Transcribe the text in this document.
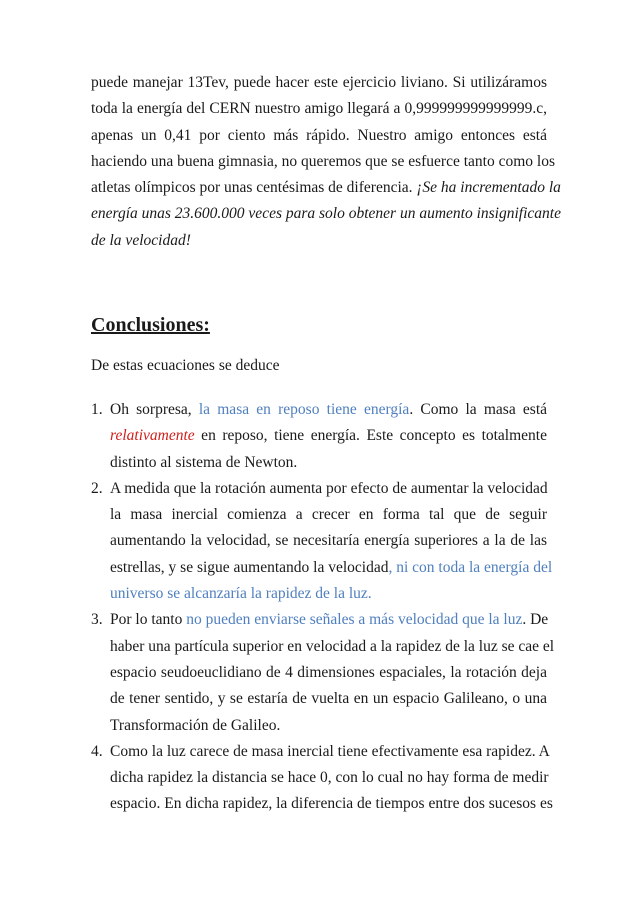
puede manejar 13Tev, puede hacer este ejercicio liviano. Si utilizáramos
toda la energía del CERN nuestro amigo llegará a 0,999999999999999.c,
apenas un 0,41 por ciento más rápido. Nuestro amigo entonces está
haciendo una buena gimnasia, no queremos que se esfuerce tanto como los
atletas olímpicos por unas centésimas de diferencia. ¡Se ha incrementado la
energía unas 23.600.000 veces para solo obtener un aumento insignificante
de la velocidad!
Conclusiones:
De estas ecuaciones se deduce
1. Oh sorpresa, la masa en reposo tiene energía. Como la masa está
relativamente en reposo, tiene energía. Este concepto es totalmente
distinto al sistema de Newton.
2. A medida que la rotación aumenta por efecto de aumentar la velocidad
la masa inercial comienza a crecer en forma tal que de seguir
aumentando la velocidad, se necesitaría energía superiores a la de las
estrellas, y se sigue aumentando la velocidad, ni con toda la energía del
universo se alcanzaría la rapidez de la luz.
3. Por lo tanto no pueden enviarse señales a más velocidad que la luz. De
haber una partícula superior en velocidad a la rapidez de la luz se cae el
espacio seudoeuclidiano de 4 dimensiones espaciales, la rotación deja
de tener sentido, y se estaría de vuelta en un espacio Galileano, o una
Transformación de Galileo.
4. Como la luz carece de masa inercial tiene efectivamente esa rapidez. A
dicha rapidez la distancia se hace 0, con lo cual no hay forma de medir
espacio. En dicha rapidez, la diferencia de tiempos entre dos sucesos es
